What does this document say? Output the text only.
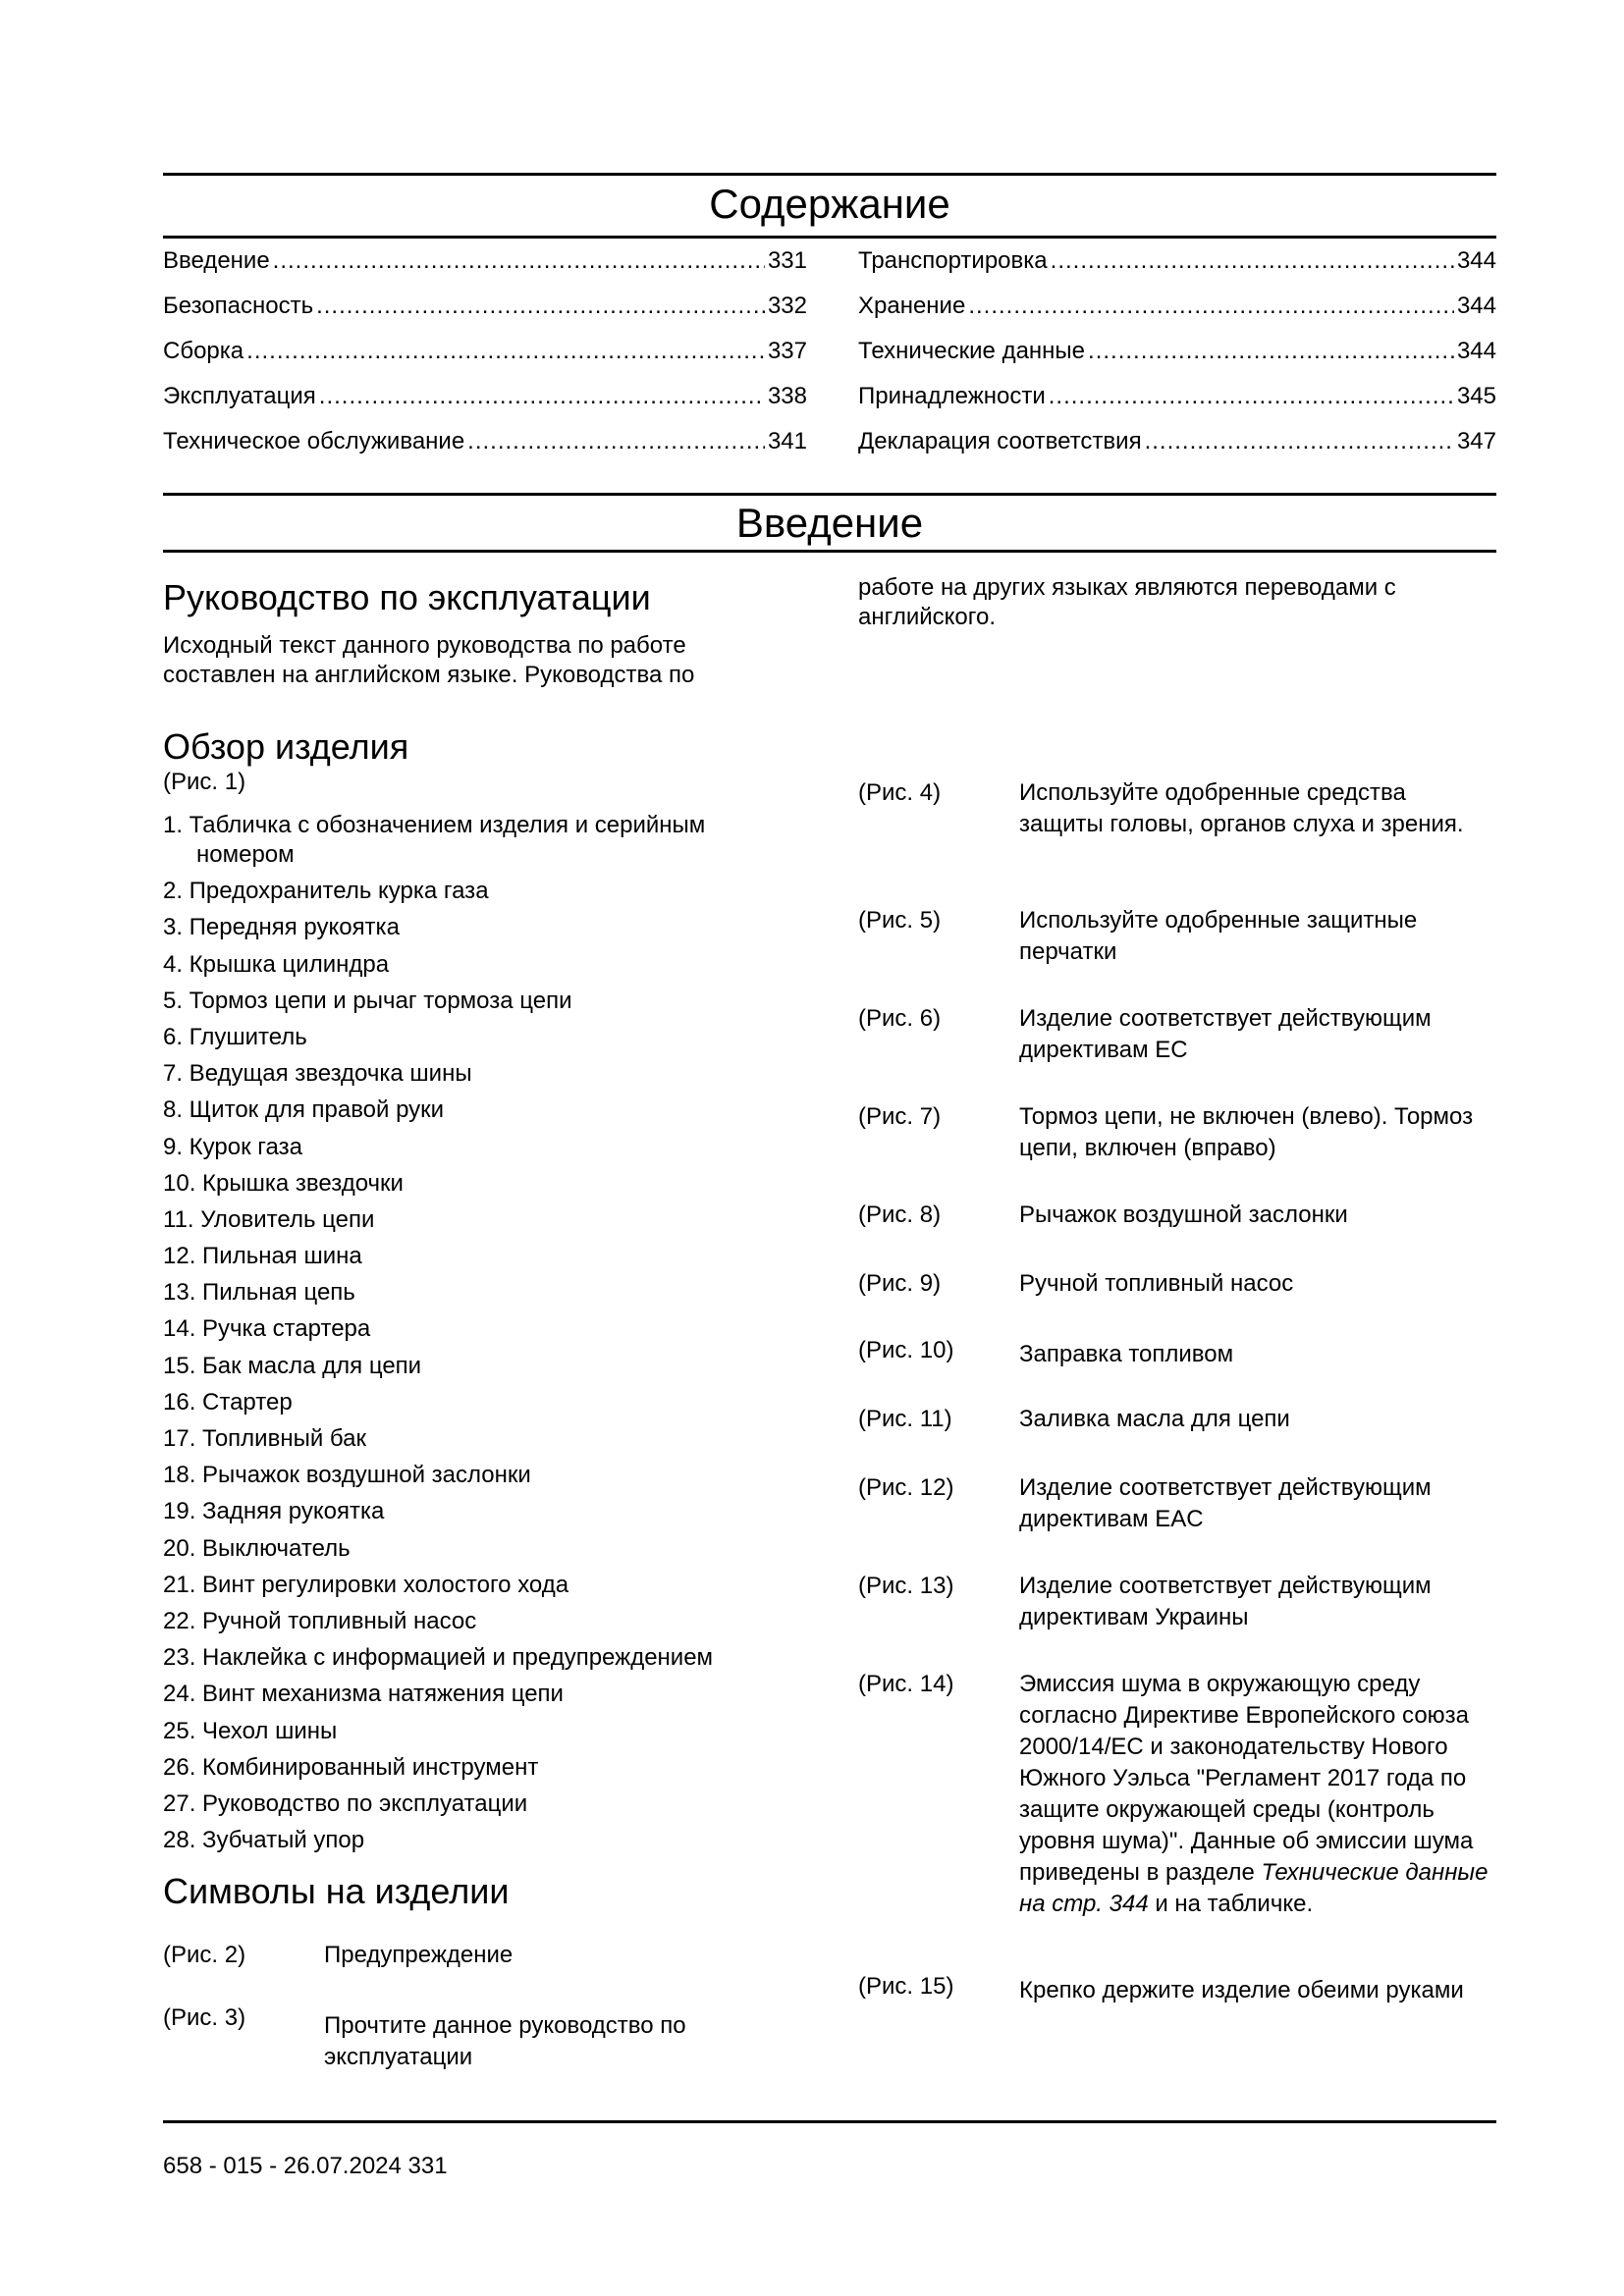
Содержание
Введение .....	331
Безопасность .....	332
Сборка .....	337
Эксплуатация .....	338
Техническое обслуживание .....	341
Транспортировка .....	344
Хранение .....	344
Технические данные .....	344
Принадлежности .....	345
Декларация соответствия .....	347
Введение
Руководство по эксплуатации

Исходный текст данного руководства по работе составлен на английском языке. Руководства по

работе на других языках являются переводами с английского.

Обзор изделия
(Рис. 1)
1. Табличка с обозначением изделия и серийным номером
2. Предохранитель курка газа
3. Передняя рукоятка
4. Крышка цилиндра
5. Тормоз цепи и рычаг тормоза цепи
6. Глушитель
7. Ведущая звездочка шины
8. Щиток для правой руки
9. Курок газа
10. Крышка звездочки
11. Уловитель цепи
12. Пильная шина
13. Пильная цепь
14. Ручка стартера
15. Бак масла для цепи
16. Стартер
17. Топливный бак
18. Рычажок воздушной заслонки
19. Задняя рукоятка
20. Выключатель
21. Винт регулировки холостого хода
22. Ручной топливный насос
23. Наклейка с информацией и предупреждением
24. Винт механизма натяжения цепи
25. Чехол шины
26. Комбинированный инструмент
27. Руководство по эксплуатации
28. Зубчатый упор
Символы на изделии
(Рис. 2)	Предупреждение
(Рис. 3)	Прочтите данное руководство по эксплуатации
(Рис. 4)	Используйте одобренные средства защиты головы, органов слуха и зрения.
(Рис. 5)	Используйте одобренные защитные перчатки
(Рис. 6)	Изделие соответствует действующим директивам ЕС
(Рис. 7)	Тормоз цепи, не включен (влево). Тормоз цепи, включен (вправо)
(Рис. 8)	Рычажок воздушной заслонки
(Рис. 9)	Ручной топливный насос
(Рис. 10)	Заправка топливом
(Рис. 11)	Заливка масла для цепи
(Рис. 12)	Изделие соответствует действующим директивам EAC
(Рис. 13)	Изделие соответствует действующим директивам Украины
(Рис. 14)	Эмиссия шума в окружающую среду согласно Директиве Европейского союза 2000/14/EC и законодательству Нового Южного Уэльса "Регламент 2017 года по защите окружающей среды (контроль уровня шума)". Данные об эмиссии шума приведены в разделе Технические данные на стр. 344 и на табличке.
(Рис. 15)	Крепко держите изделие обеими руками
658 - 015 - 26.07.2024 331
